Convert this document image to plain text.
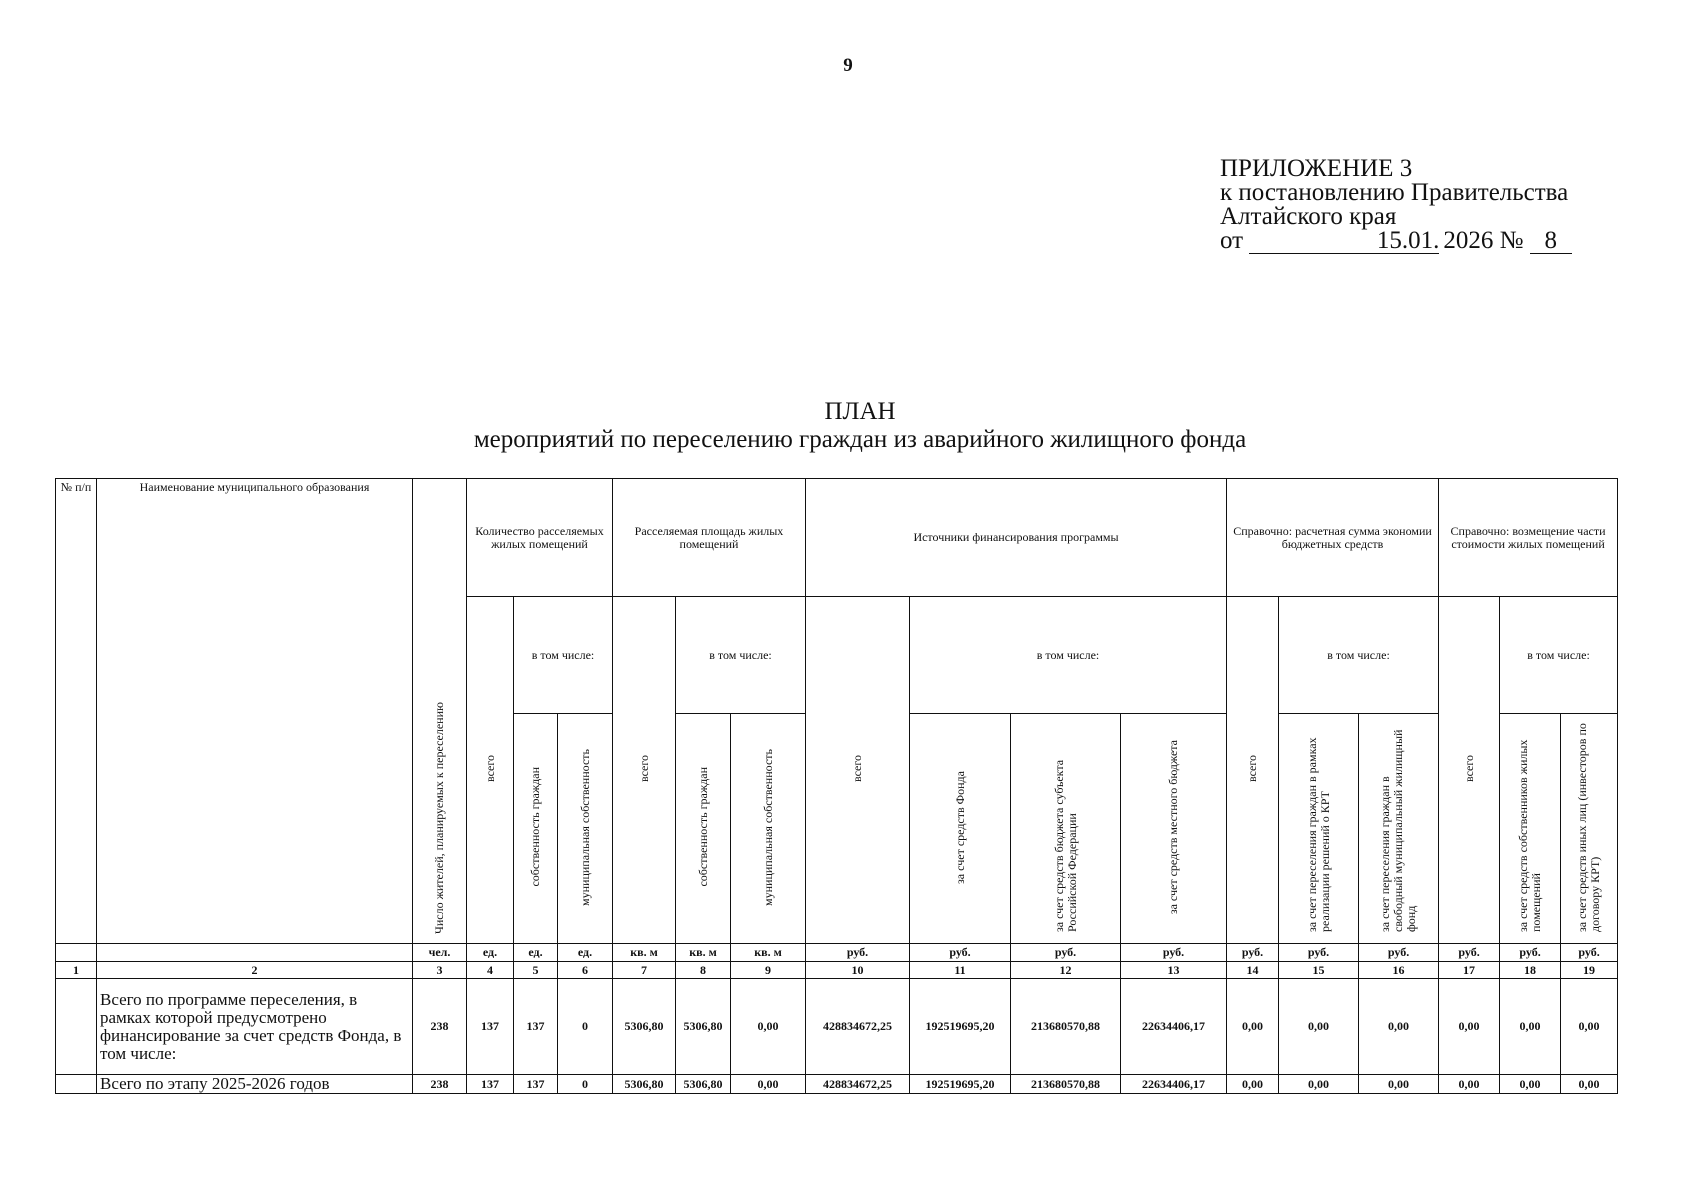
9
ПРИЛОЖЕНИЕ 3
к постановлению Правительства
Алтайского края
от	15.01. 2026 № 8
ПЛАН
мероприятий по переселению граждан из аварийного жилищного фонда
№ п/п	Наименование муниципального образования	Число жителей, планируемых к переселению	Количество расселяемых жилых помещений			Расселяемая площадь жилых помещений			Источники финансирования программы				Справочно: расчетная сумма экономии бюджетных средств			Справочно: возмещение части стоимости жилых помещений		
			всего	в том числе:		всего	в том числе:		всего	в том числе:			всего	в том числе:		всего	в том числе:	
				собственность граждан	муниципальная собственность		собственность граждан	муниципальная собственность		за счет средств Фонда	за счет средств бюджета субъекта Российской Федерации	за счет средств местного бюджета		за счет переселения граждан в рамках реализации решений о КРТ	за счет переселения граждан в свободный муниципальный жилищный фонд		за счет средств собственников жилых помещений	за счет средств иных лиц (инвесторов по договору КРТ)
		чел.	ед.	ед.	ед.	кв. м	кв. м	кв. м	руб.	руб.	руб.	руб.	руб.	руб.	руб.	руб.	руб.	руб.
1	2	3	4	5	6	7	8	9	10	11	12	13	14	15	16	17	18	19
	Всего по программе переселения, в рамках которой предусмотрено финансирование за счет средств Фонда, в том числе:	238	137	137	0	5306,80	5306,80	0,00	428834672,25	192519695,20	213680570,88	22634406,17	0,00	0,00	0,00	0,00	0,00	0,00
	Всего по этапу 2025-2026 годов	238	137	137	0	5306,80	5306,80	0,00	428834672,25	192519695,20	213680570,88	22634406,17	0,00	0,00	0,00	0,00	0,00	0,00
